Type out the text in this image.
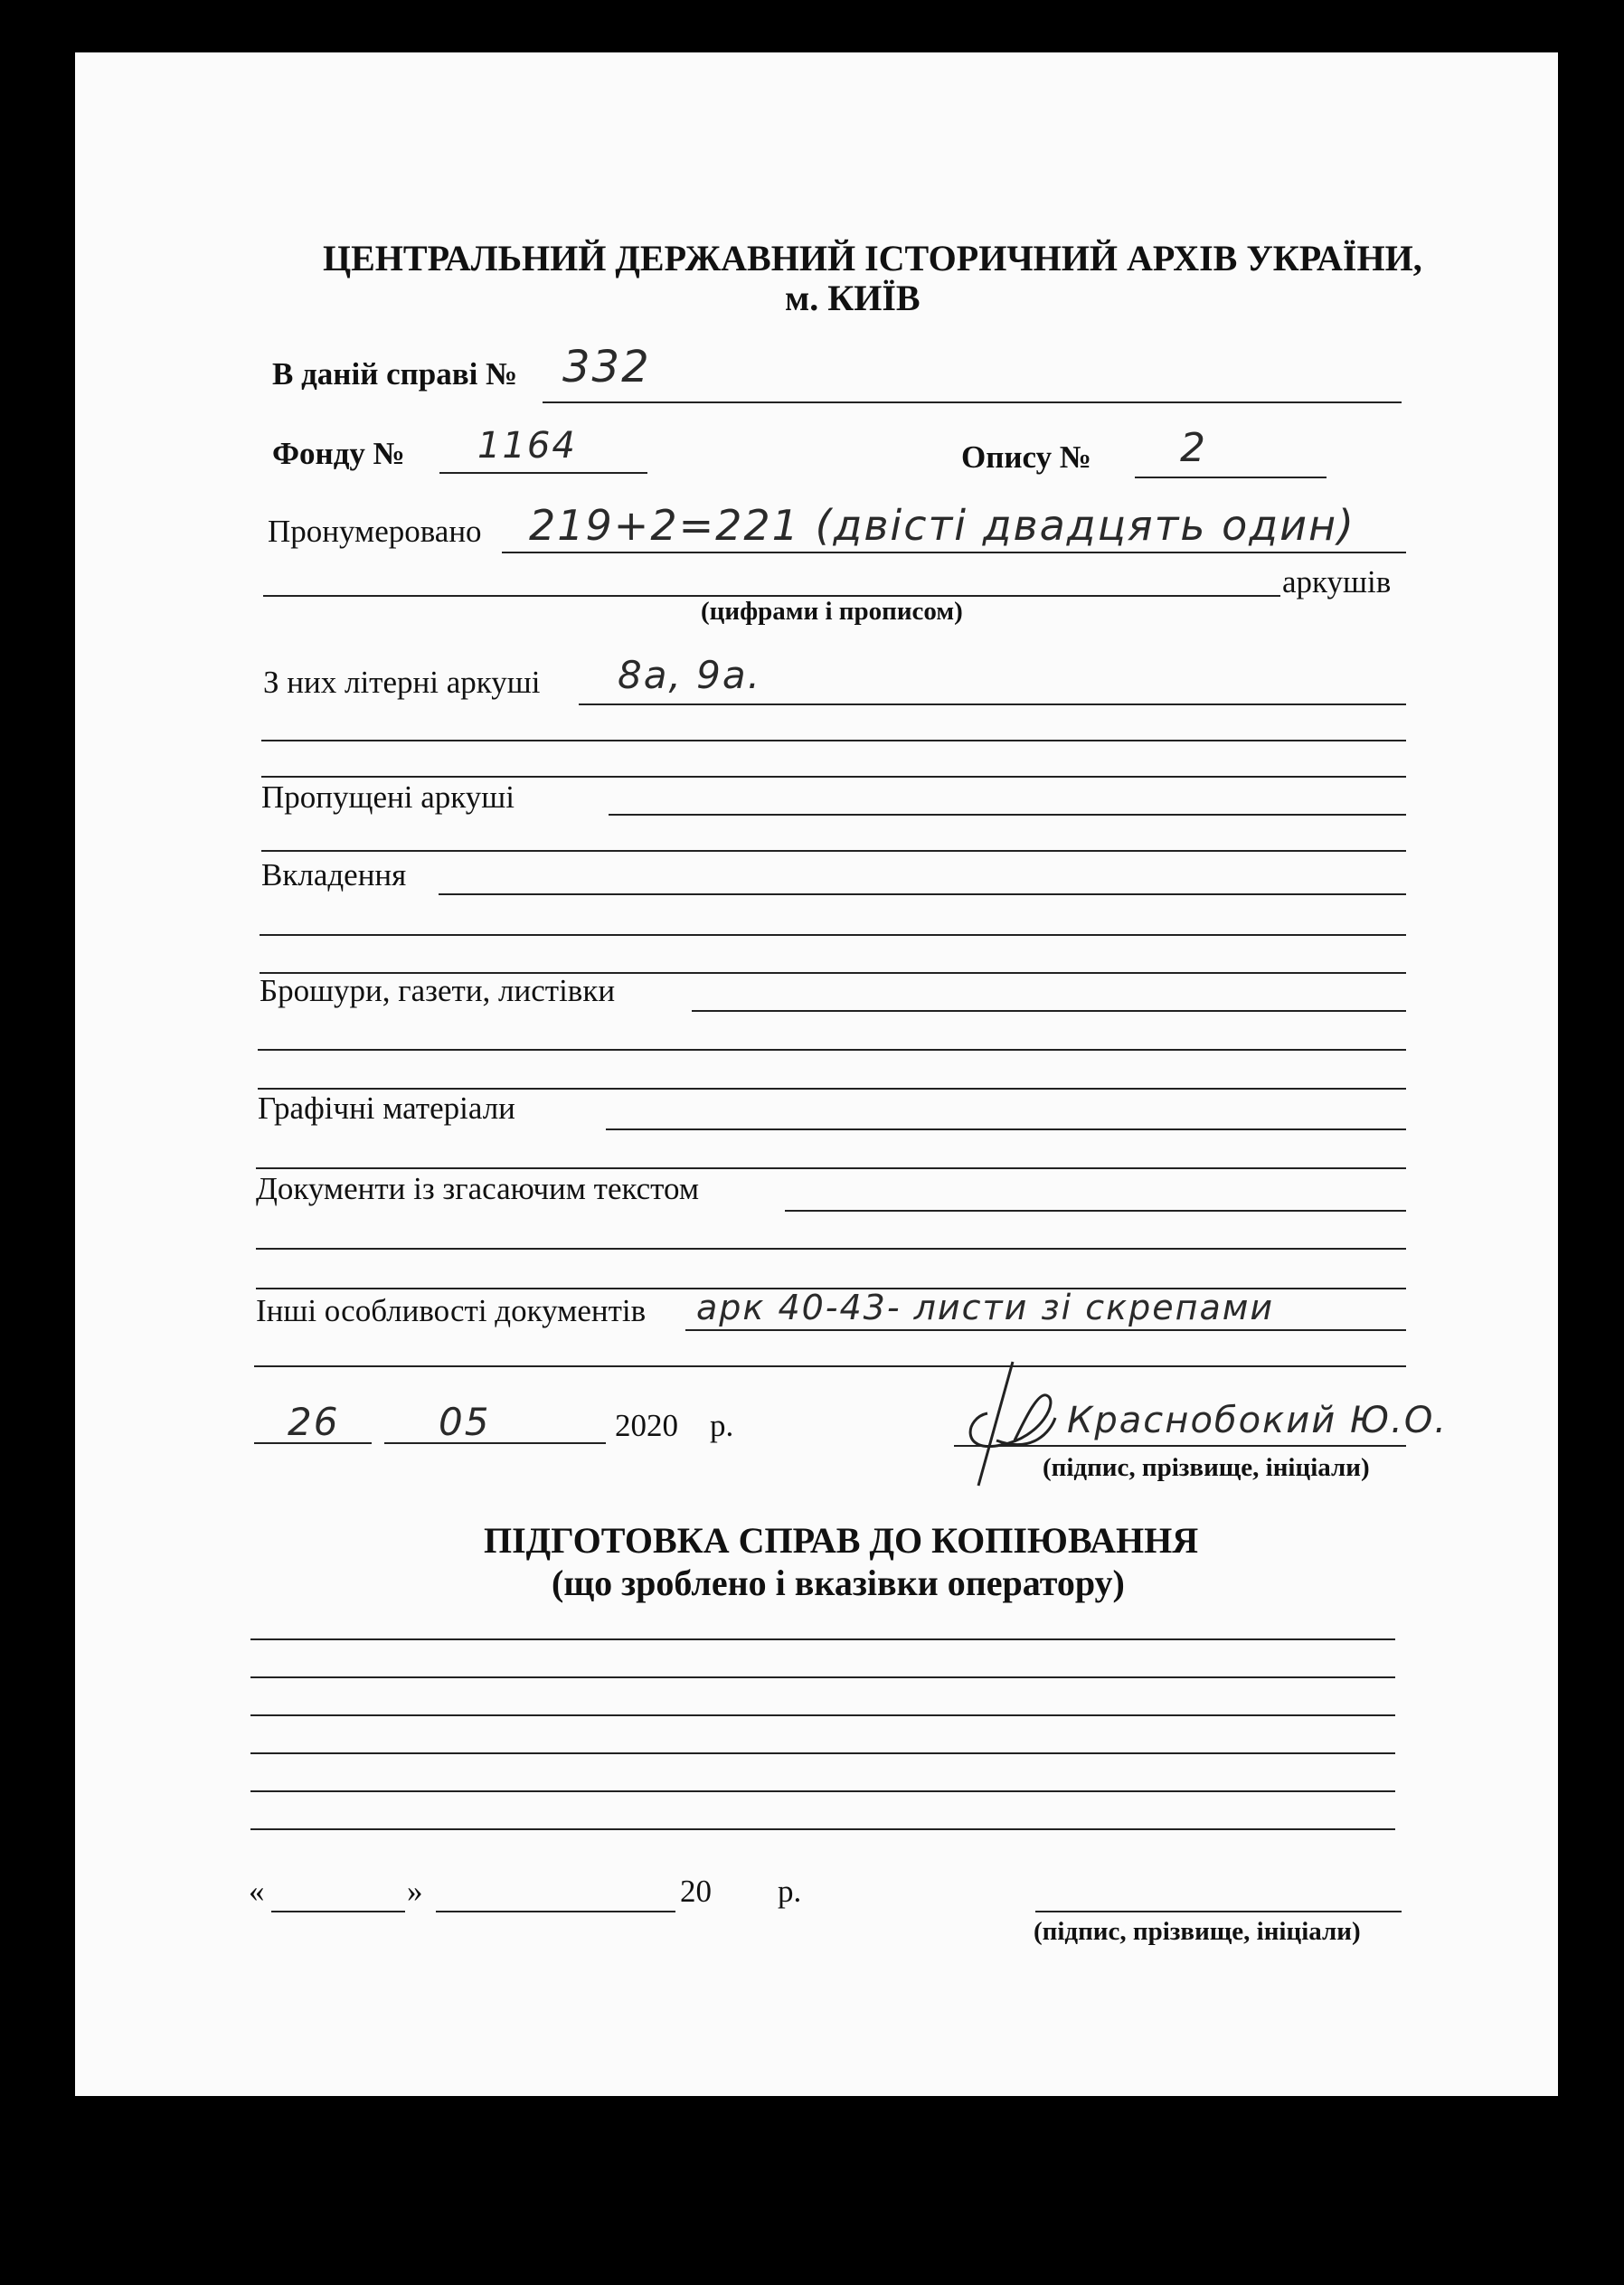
ЦЕНТРАЛЬНИЙ ДЕРЖАВНИЙ ІСТОРИЧНИЙ АРХІВ УКРАЇНИ,
м. КИЇВ
В даній справі № 332
Фонду № 1164	Опису № 2
Пронумеровано 219+2=221 (двісті двадцять один)
аркушів
(цифрами і прописом)
З них літерні аркуші 8а, 9а.
Пропущені аркуші
Вкладення
Брошури, газети, листівки
Графічні матеріали
Документи із згасаючим текстом
Інші особливості документів арк 40-43- листи зі скрепами
26	05	2020 р.	Краснобокий Ю.О.
(підпис, прізвище, ініціали)
ПІДГОТОВКА СПРАВ ДО КОПІЮВАННЯ
(що зроблено і вказівки оператору)
«	»	20 р.
(підпис, прізвище, ініціали)
